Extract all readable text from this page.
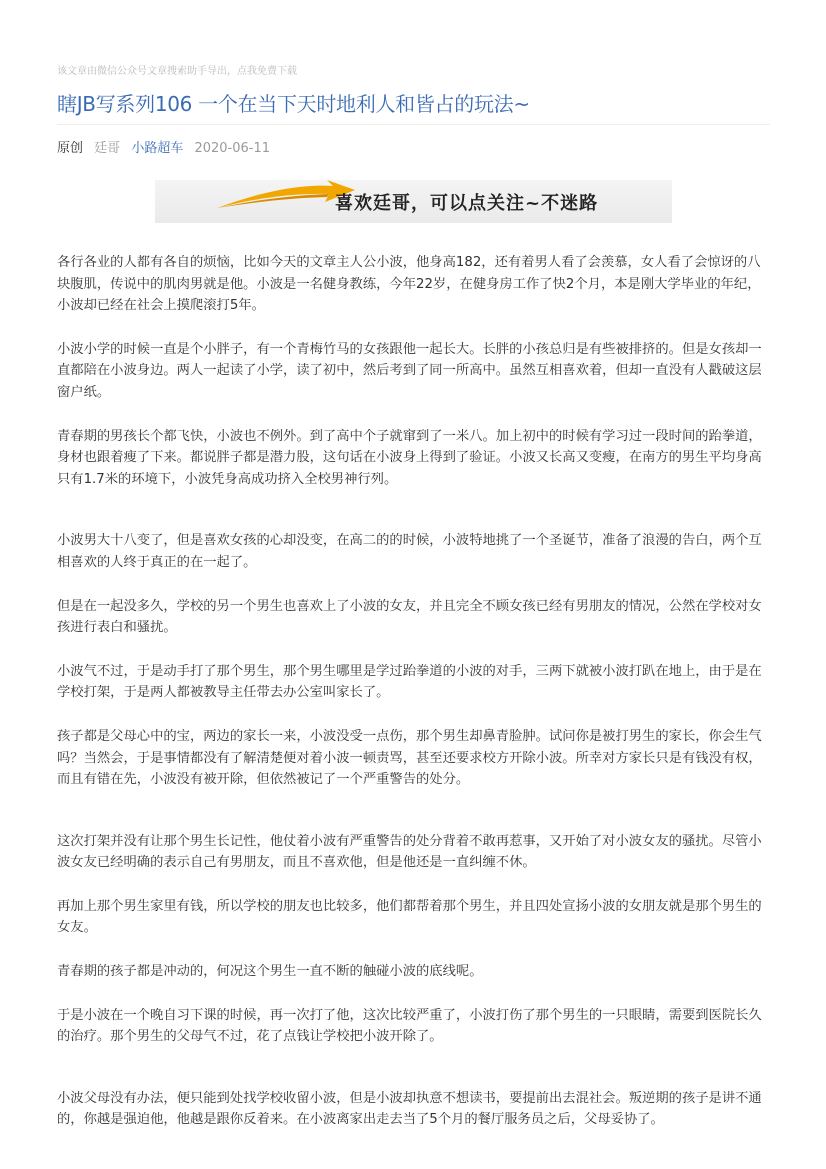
该文章由微信公众号文章搜索助手导出，点我免费下载
瞎JB写系列106 一个在当下天时地利人和皆占的玩法~
原创 廷哥 小路超车 2020-06-11
喜欢廷哥，可以点关注~不迷路

各行各业的人都有各自的烦恼，比如今天的文章主人公小波，他身高182，还有着男人看了会羡慕，女人看了会惊讶的八块腹肌，传说中的肌肉男就是他。小波是一名健身教练，今年22岁，在健身房工作了快2个月，本是刚大学毕业的年纪，小波却已经在社会上摸爬滚打5年。

小波小学的时候一直是个小胖子，有一个青梅竹马的女孩跟他一起长大。长胖的小孩总归是有些被排挤的。但是女孩却一直都陪在小波身边。两人一起读了小学，读了初中，然后考到了同一所高中。虽然互相喜欢着，但却一直没有人戳破这层窗户纸。

青春期的男孩长个都飞快，小波也不例外。到了高中个子就窜到了一米八。加上初中的时候有学习过一段时间的跆拳道，身材也跟着瘦了下来。都说胖子都是潜力股，这句话在小波身上得到了验证。小波又长高又变瘦，在南方的男生平均身高只有1.7米的环境下，小波凭身高成功挤入全校男神行列。

小波男大十八变了，但是喜欢女孩的心却没变，在高二的的时候，小波特地挑了一个圣诞节，准备了浪漫的告白，两个互相喜欢的人终于真正的在一起了。

但是在一起没多久，学校的另一个男生也喜欢上了小波的女友，并且完全不顾女孩已经有男朋友的情况，公然在学校对女孩进行表白和骚扰。

小波气不过，于是动手打了那个男生，那个男生哪里是学过跆拳道的小波的对手，三两下就被小波打趴在地上，由于是在学校打架，于是两人都被教导主任带去办公室叫家长了。

孩子都是父母心中的宝，两边的家长一来，小波没受一点伤，那个男生却鼻青脸肿。试问你是被打男生的家长，你会生气吗？当然会，于是事情都没有了解清楚便对着小波一顿责骂，甚至还要求校方开除小波。所幸对方家长只是有钱没有权，而且有错在先，小波没有被开除，但依然被记了一个严重警告的处分。

这次打架并没有让那个男生长记性，他仗着小波有严重警告的处分背着不敢再惹事，又开始了对小波女友的骚扰。尽管小波女友已经明确的表示自己有男朋友，而且不喜欢他，但是他还是一直纠缠不休。

再加上那个男生家里有钱，所以学校的朋友也比较多，他们都帮着那个男生，并且四处宣扬小波的女朋友就是那个男生的女友。

青春期的孩子都是冲动的，何况这个男生一直不断的触碰小波的底线呢。

于是小波在一个晚自习下课的时候，再一次打了他，这次比较严重了，小波打伤了那个男生的一只眼睛，需要到医院长久的治疗。那个男生的父母气不过，花了点钱让学校把小波开除了。

小波父母没有办法，便只能到处找学校收留小波，但是小波却执意不想读书，要提前出去混社会。叛逆期的孩子是讲不通的，你越是强迫他，他越是跟你反着来。在小波离家出走去当了5个月的餐厅服务员之后，父母妥协了。
